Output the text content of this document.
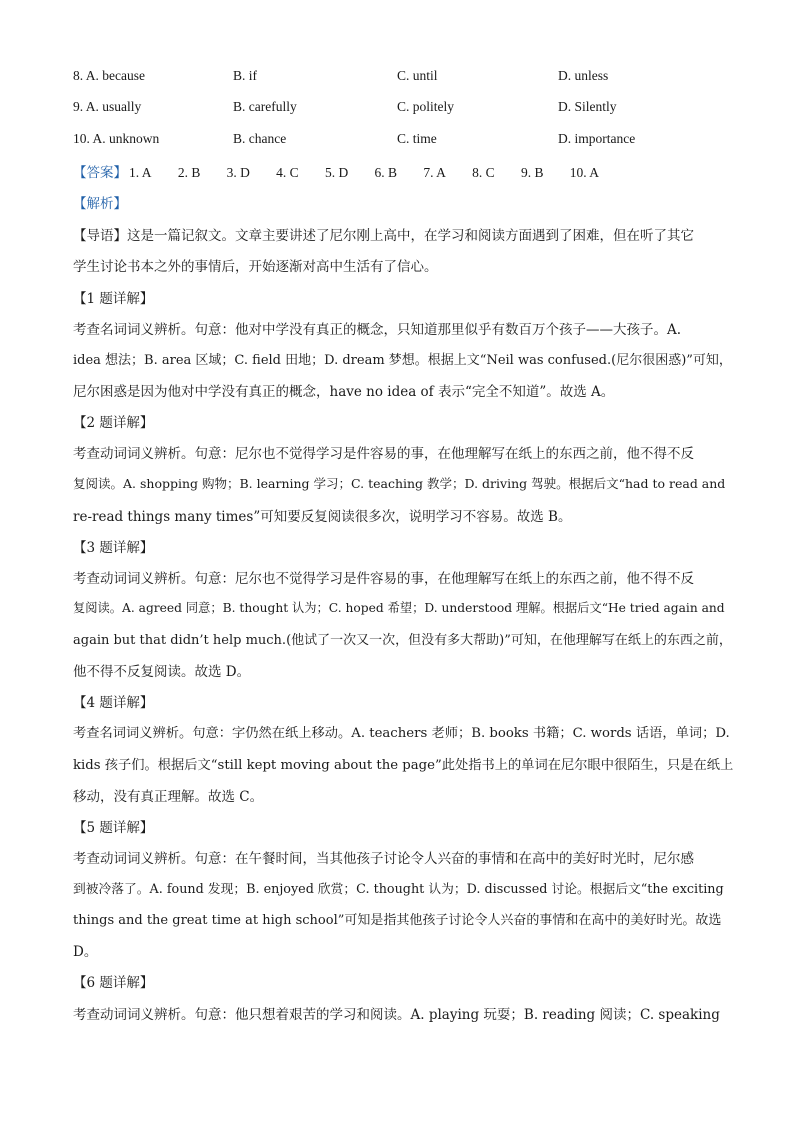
8. A. because	B. if	C. until	D. unless
9. A. usually	B. carefully	C. politely	D. Silently
10. A. unknown	B. chance	C. time	D. importance
【答案】 1. A 2. B 3. D 4. C 5. D 6. B 7. A 8. C 9. B 10. A
【解析】
【导语】这是一篇记叙文。文章主要讲述了尼尔刚上高中，在学习和阅读方面遇到了困难，但在听了其它
学生讨论书本之外的事情后，开始逐渐对高中生活有了信心。
【1 题详解】
考查名词词义辨析。句意：他对中学没有真正的概念，只知道那里似乎有数百万个孩子——大孩子。A.
idea 想法；B. area 区域；C. field 田地；D. dream 梦想。根据上文“Neil was confused.(尼尔很困惑)”可知，
尼尔困惑是因为他对中学没有真正的概念，have no idea of 表示“完全不知道”。故选 A。
【2 题详解】
考查动词词义辨析。句意：尼尔也不觉得学习是件容易的事，在他理解写在纸上的东西之前，他不得不反
复阅读。A. shopping 购物；B. learning 学习；C. teaching 教学；D. driving 驾驶。根据后文“had to read and
re-read things many times”可知要反复阅读很多次，说明学习不容易。故选 B。
【3 题详解】
考查动词词义辨析。句意：尼尔也不觉得学习是件容易的事，在他理解写在纸上的东西之前，他不得不反
复阅读。A. agreed 同意；B. thought 认为；C. hoped 希望；D. understood 理解。根据后文“He tried again and
again but that didn’t help much.(他试了一次又一次，但没有多大帮助)”可知，在他理解写在纸上的东西之前，
他不得不反复阅读。故选 D。
【4 题详解】
考查名词词义辨析。句意：字仍然在纸上移动。A. teachers 老师；B. books 书籍；C. words 话语，单词；D.
kids 孩子们。根据后文“still kept moving about the page”此处指书上的单词在尼尔眼中很陌生，只是在纸上
移动，没有真正理解。故选 C。
【5 题详解】
考查动词词义辨析。句意：在午餐时间，当其他孩子讨论令人兴奋的事情和在高中的美好时光时，尼尔感
到被冷落了。A. found 发现；B. enjoyed 欣赏；C. thought 认为；D. discussed 讨论。根据后文“the exciting
things and the great time at high school”可知是指其他孩子讨论令人兴奋的事情和在高中的美好时光。故选
D。
【6 题详解】
考查动词词义辨析。句意：他只想着艰苦的学习和阅读。A. playing 玩耍；B. reading 阅读；C. speaking
